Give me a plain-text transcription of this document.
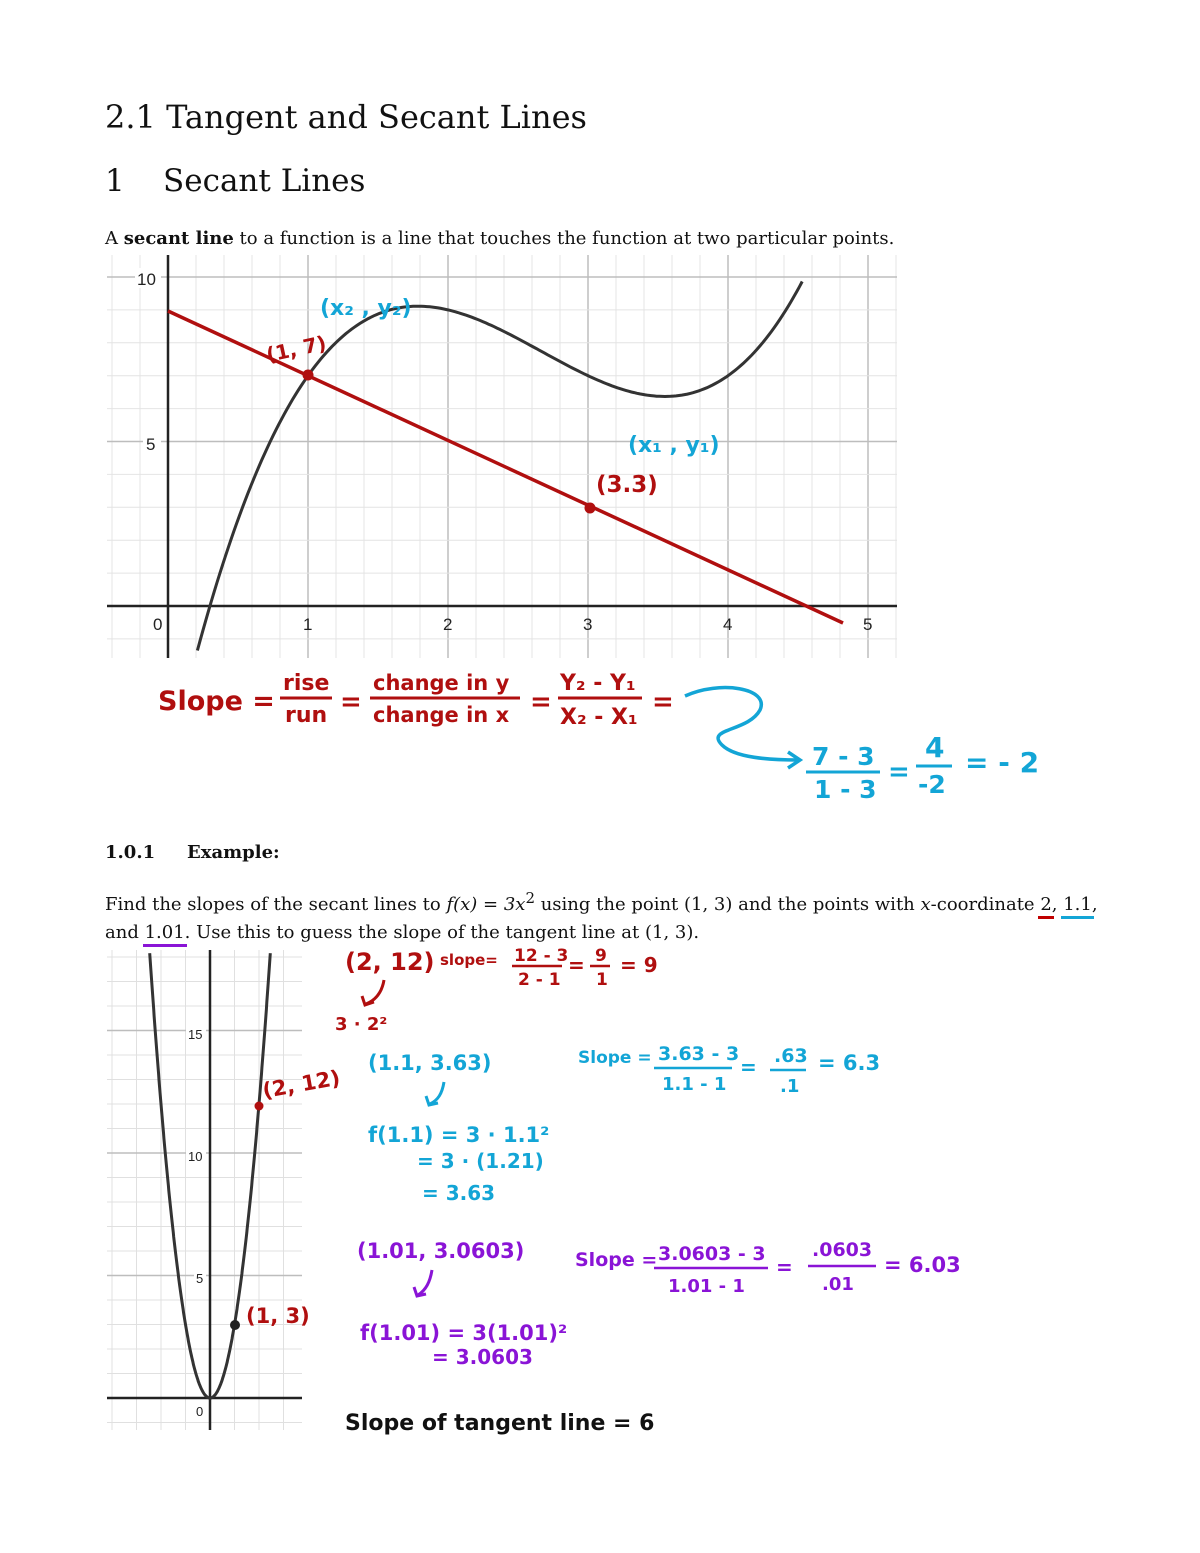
2.1 Tangent and Secant Lines
1 Secant Lines
A secant line to a function is a line that touches the function at two particular points.
0	1	2	3	4	5
10
5
(x₂ , y₂)
(1, 7)
(x₁ , y₁)
(3.3)
Slope =
rise
run =
change in y
change in x =
Y₂ - Y₁
X₂ - X₁
=
7 - 3
1 - 3
=
4
-2
= - 2
15
10
5
0
(2, 12)
(1, 3)
(2, 12) slope= 12 - 3
2 - 1
= 9
1
= 9
3 · 2²
(1.1, 3.63)
f(1.1) = 3 · 1.1²
= 3 · (1.21)
= 3.63
Slope = 3.63 - 3
1.1 - 1
= .63
.1
= 6.3
(1.01, 3.0603)
f(1.01) = 3(1.01)²
= 3.0603
Slope = 3.0603 - 3
1.01 - 1
=
.0603
.01
= 6.03
Slope of tangent line = 6
1.0.1 Example:
Find the slopes of the secant lines to $f(x) = 3x^2$ using the point (1, 3) and the points with x-coordinate 2, 1.1, and 1.01. Use this to guess the slope of the tangent line at (1, 3).
